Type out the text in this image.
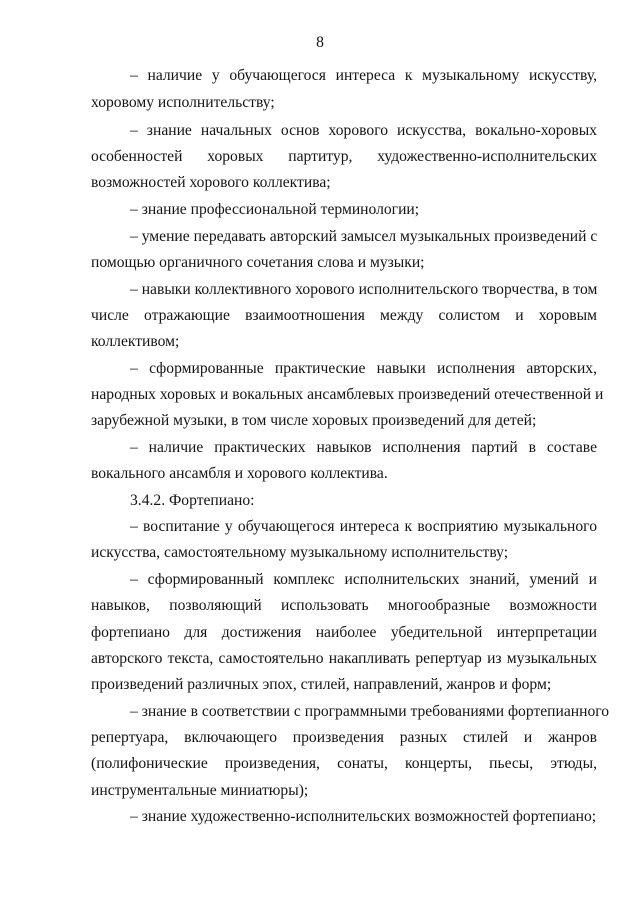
8
– наличие у обучающегося интереса к музыкальному искусству,
хоровому исполнительству;
– знание начальных основ хорового искусства, вокально-хоровых
особенностей хоровых партитур, художественно-исполнительских
возможностей хорового коллектива;
– знание профессиональной терминологии;
– умение передавать авторский замысел музыкальных произведений с
помощью органичного сочетания слова и музыки;
– навыки коллективного хорового исполнительского творчества, в том
числе отражающие взаимоотношения между солистом и хоровым
коллективом;
– сформированные практические навыки исполнения авторских,
народных хоровых и вокальных ансамблевых произведений отечественной и
зарубежной музыки, в том числе хоровых произведений для детей;
– наличие практических навыков исполнения партий в составе
вокального ансамбля и хорового коллектива.
3.4.2. Фортепиано:
– воспитание у обучающегося интереса к восприятию музыкального
искусства, самостоятельному музыкальному исполнительству;
– сформированный комплекс исполнительских знаний, умений и
навыков, позволяющий использовать многообразные возможности
фортепиано для достижения наиболее убедительной интерпретации
авторского текста, самостоятельно накапливать репертуар из музыкальных
произведений различных эпох, стилей, направлений, жанров и форм;
– знание в соответствии с программными требованиями фортепианного
репертуара, включающего произведения разных стилей и жанров
(полифонические произведения, сонаты, концерты, пьесы, этюды,
инструментальные миниатюры);
– знание художественно-исполнительских возможностей фортепиано;
